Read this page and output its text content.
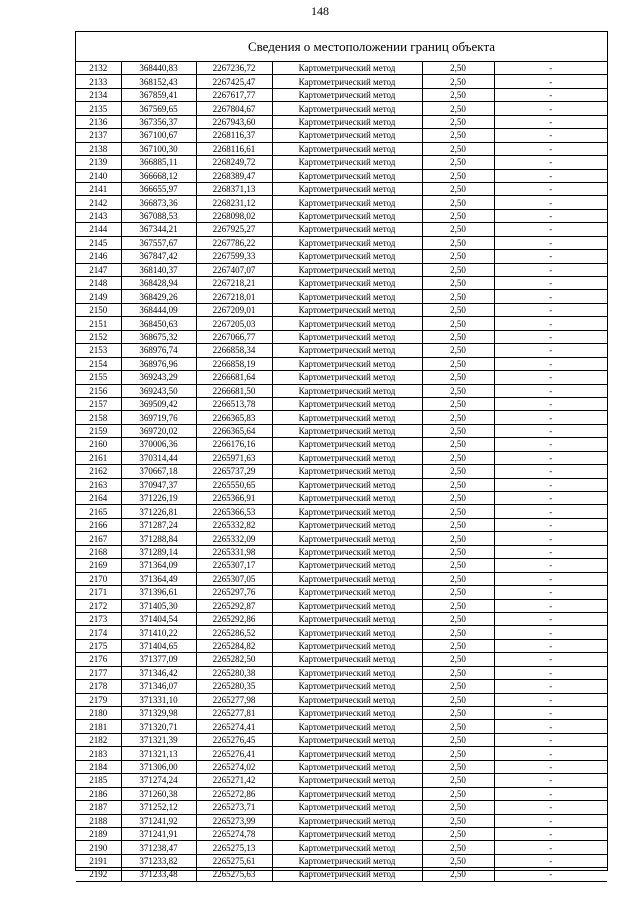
148
Сведения о местоположении границ объекта
2132	368440,83	2267236,72	Картометрический метод	2,50	-
2133	368152,43	2267425,47	Картометрический метод	2,50	-
2134	367859,41	2267617,77	Картометрический метод	2,50	-
2135	367569,65	2267804,67	Картометрический метод	2,50	-
2136	367356,37	2267943,60	Картометрический метод	2,50	-
2137	367100,67	2268116,37	Картометрический метод	2,50	-
2138	367100,30	2268116,61	Картометрический метод	2,50	-
2139	366885,11	2268249,72	Картометрический метод	2,50	-
2140	366668,12	2268389,47	Картометрический метод	2,50	-
2141	366655,97	2268371,13	Картометрический метод	2,50	-
2142	366873,36	2268231,12	Картометрический метод	2,50	-
2143	367088,53	2268098,02	Картометрический метод	2,50	-
2144	367344,21	2267925,27	Картометрический метод	2,50	-
2145	367557,67	2267786,22	Картометрический метод	2,50	-
2146	367847,42	2267599,33	Картометрический метод	2,50	-
2147	368140,37	2267407,07	Картометрический метод	2,50	-
2148	368428,94	2267218,21	Картометрический метод	2,50	-
2149	368429,26	2267218,01	Картометрический метод	2,50	-
2150	368444,09	2267209,01	Картометрический метод	2,50	-
2151	368450,63	2267205,03	Картометрический метод	2,50	-
2152	368675,32	2267066,77	Картометрический метод	2,50	-
2153	368976,74	2266858,34	Картометрический метод	2,50	-
2154	368976,96	2266858,19	Картометрический метод	2,50	-
2155	369243,29	2266681,64	Картометрический метод	2,50	-
2156	369243,50	2266681,50	Картометрический метод	2,50	-
2157	369509,42	2266513,78	Картометрический метод	2,50	-
2158	369719,76	2266365,83	Картометрический метод	2,50	-
2159	369720,02	2266365,64	Картометрический метод	2,50	-
2160	370006,36	2266176,16	Картометрический метод	2,50	-
2161	370314,44	2265971,63	Картометрический метод	2,50	-
2162	370667,18	2265737,29	Картометрический метод	2,50	-
2163	370947,37	2265550,65	Картометрический метод	2,50	-
2164	371226,19	2265366,91	Картометрический метод	2,50	-
2165	371226,81	2265366,53	Картометрический метод	2,50	-
2166	371287,24	2265332,82	Картометрический метод	2,50	-
2167	371288,84	2265332,09	Картометрический метод	2,50	-
2168	371289,14	2265331,98	Картометрический метод	2,50	-
2169	371364,09	2265307,17	Картометрический метод	2,50	-
2170	371364,49	2265307,05	Картометрический метод	2,50	-
2171	371396,61	2265297,76	Картометрический метод	2,50	-
2172	371405,30	2265292,87	Картометрический метод	2,50	-
2173	371404,54	2265292,86	Картометрический метод	2,50	-
2174	371410,22	2265286,52	Картометрический метод	2,50	-
2175	371404,65	2265284,82	Картометрический метод	2,50	-
2176	371377,09	2265282,50	Картометрический метод	2,50	-
2177	371346,42	2265280,38	Картометрический метод	2,50	-
2178	371346,07	2265280,35	Картометрический метод	2,50	-
2179	371331,10	2265277,98	Картометрический метод	2,50	-
2180	371329,98	2265277,81	Картометрический метод	2,50	-
2181	371320,71	2265274,41	Картометрический метод	2,50	-
2182	371321,39	2265276,45	Картометрический метод	2,50	-
2183	371321,13	2265276,41	Картометрический метод	2,50	-
2184	371306,00	2265274,02	Картометрический метод	2,50	-
2185	371274,24	2265271,42	Картометрический метод	2,50	-
2186	371260,38	2265272,86	Картометрический метод	2,50	-
2187	371252,12	2265273,71	Картометрический метод	2,50	-
2188	371241,92	2265273,99	Картометрический метод	2,50	-
2189	371241,91	2265274,78	Картометрический метод	2,50	-
2190	371238,47	2265275,13	Картометрический метод	2,50	-
2191	371233,82	2265275,61	Картометрический метод	2,50	-
2192	371233,48	2265275,63	Картометрический метод	2,50	-
